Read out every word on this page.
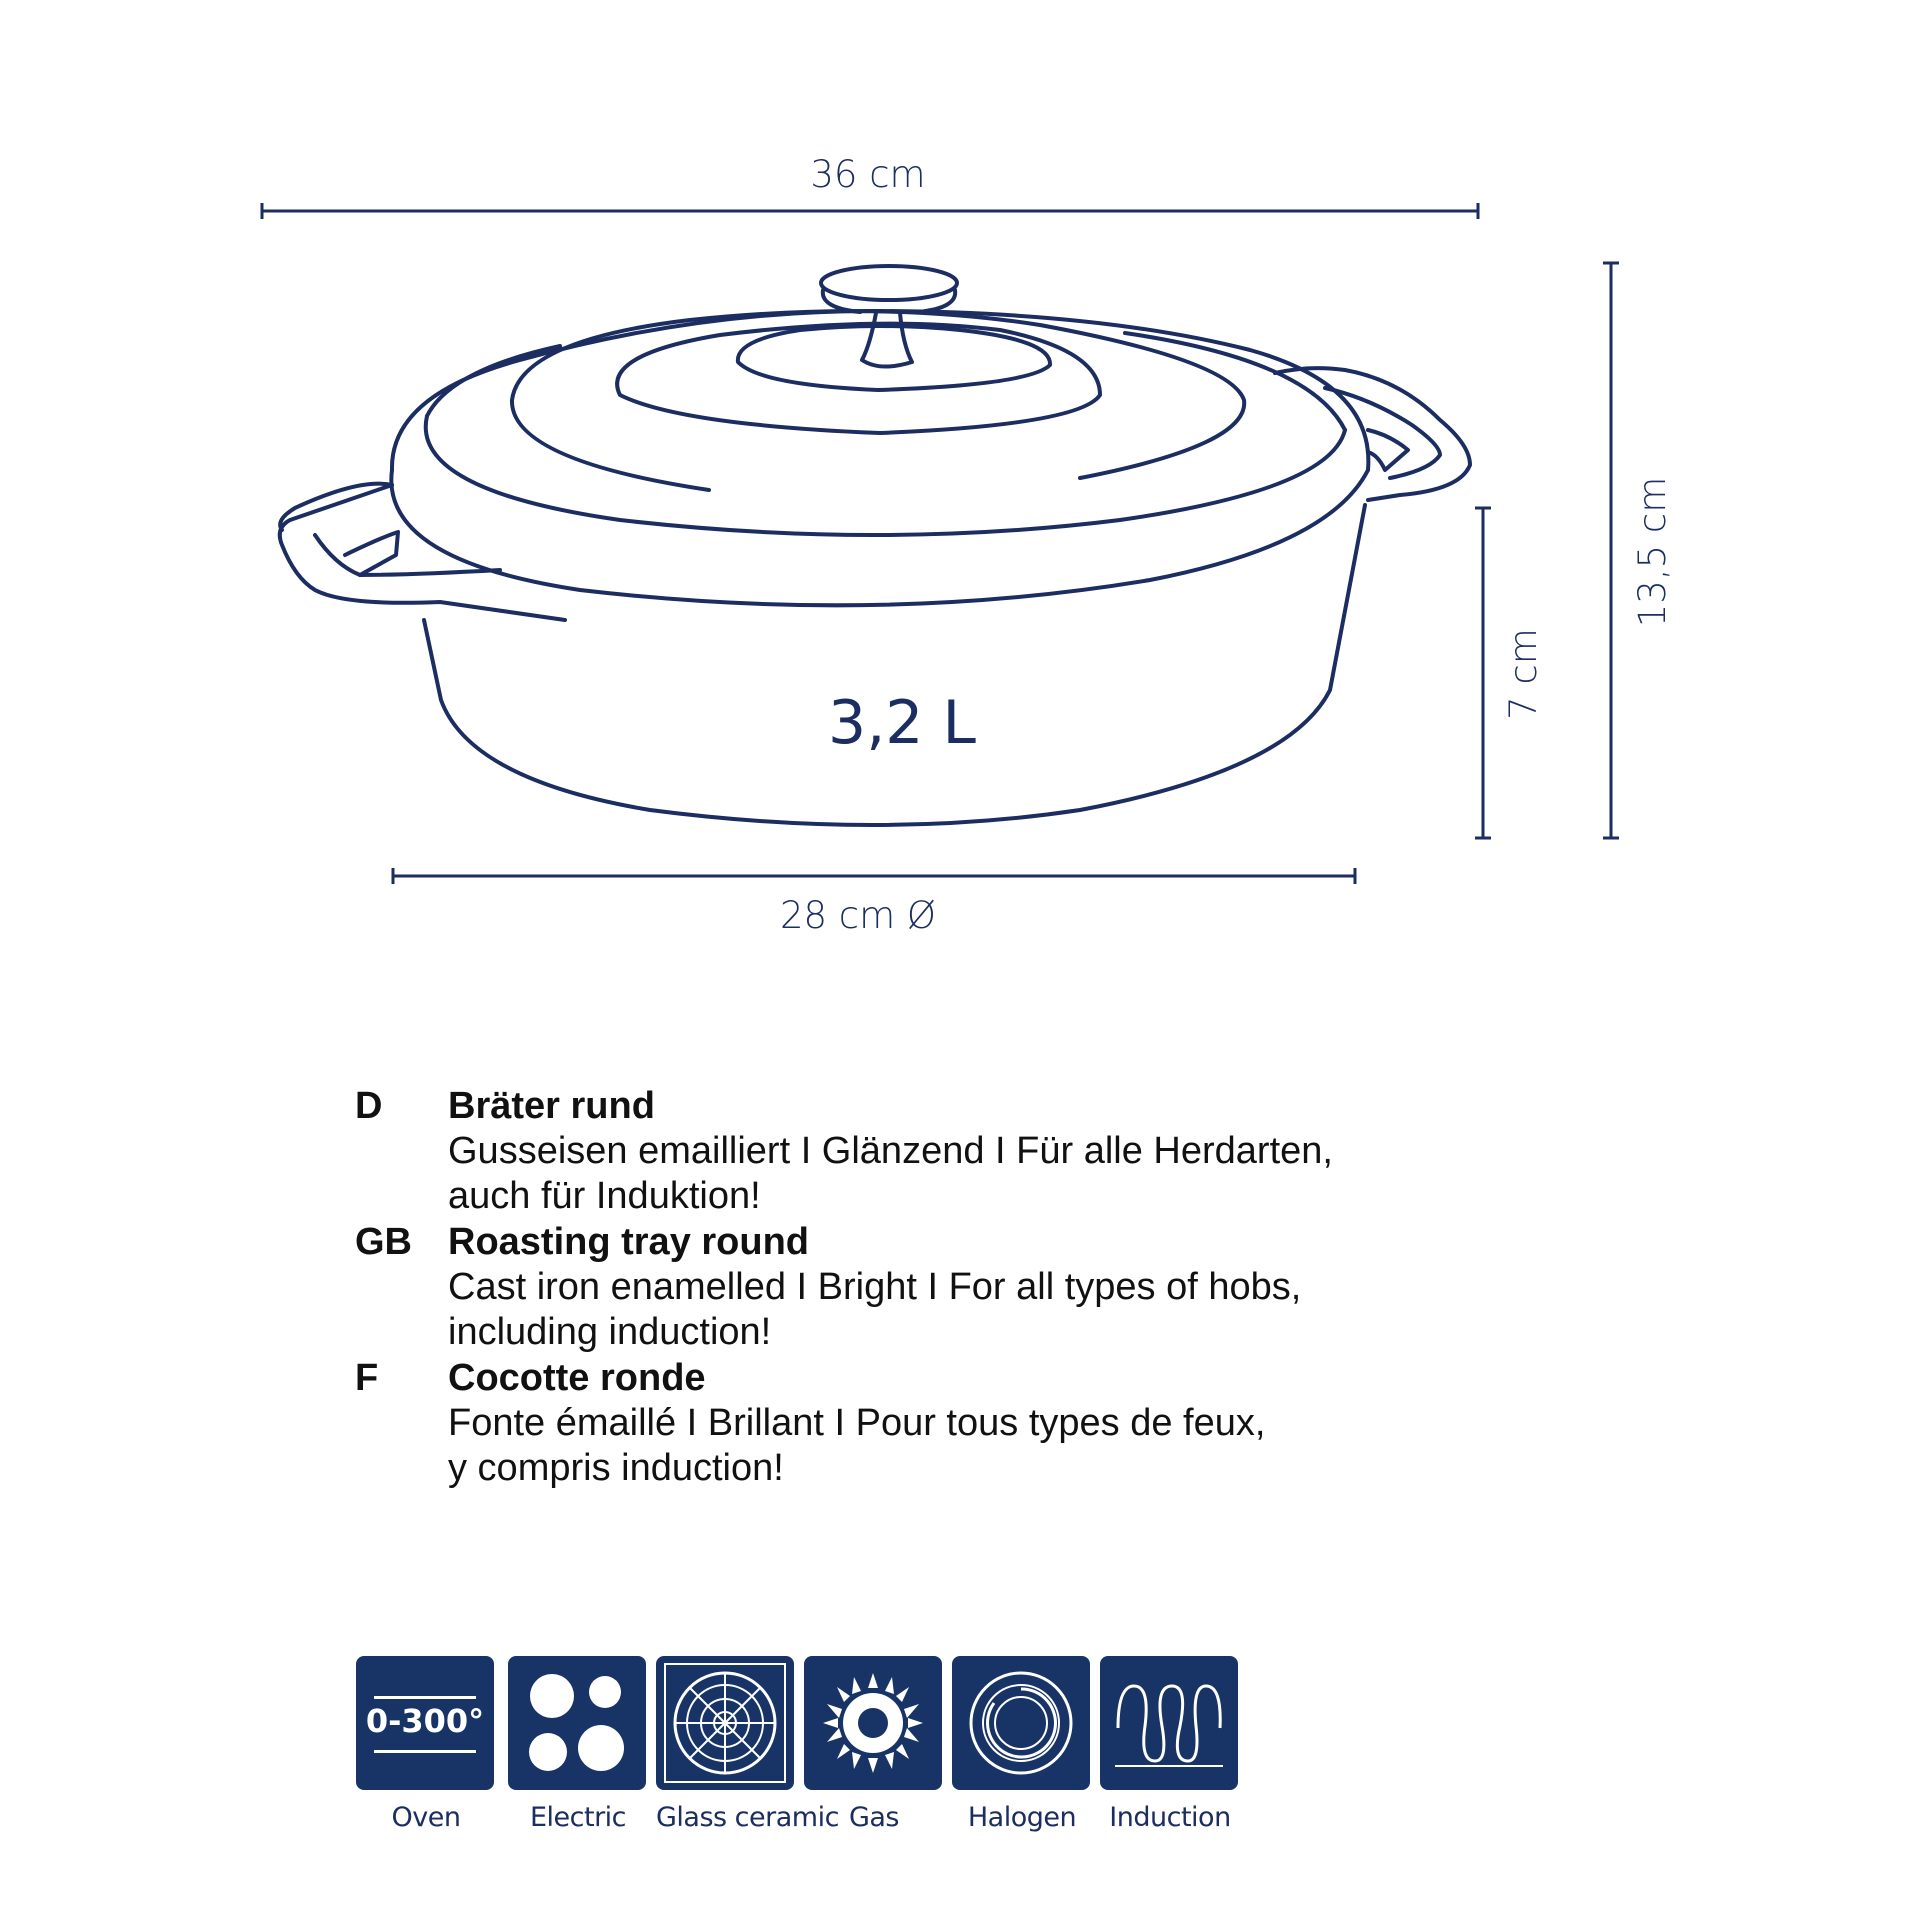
36 cm
13,5 cm
7 cm
28 cm Ø
3,2 L
D	Bräter rund
Gusseisen emailliert I Glänzend I Für alle Herdarten,
auch für Induktion!
GB Roasting tray round
Cast iron enamelled I Bright I For all types of hobs,
including induction!
F	Cocotte ronde
Fonte émaillé I Brillant I Pour tous types de feux,
y compris induction!
0-300°
Oven	Electric	Glass ceramic Gas	Halogen	Induction
